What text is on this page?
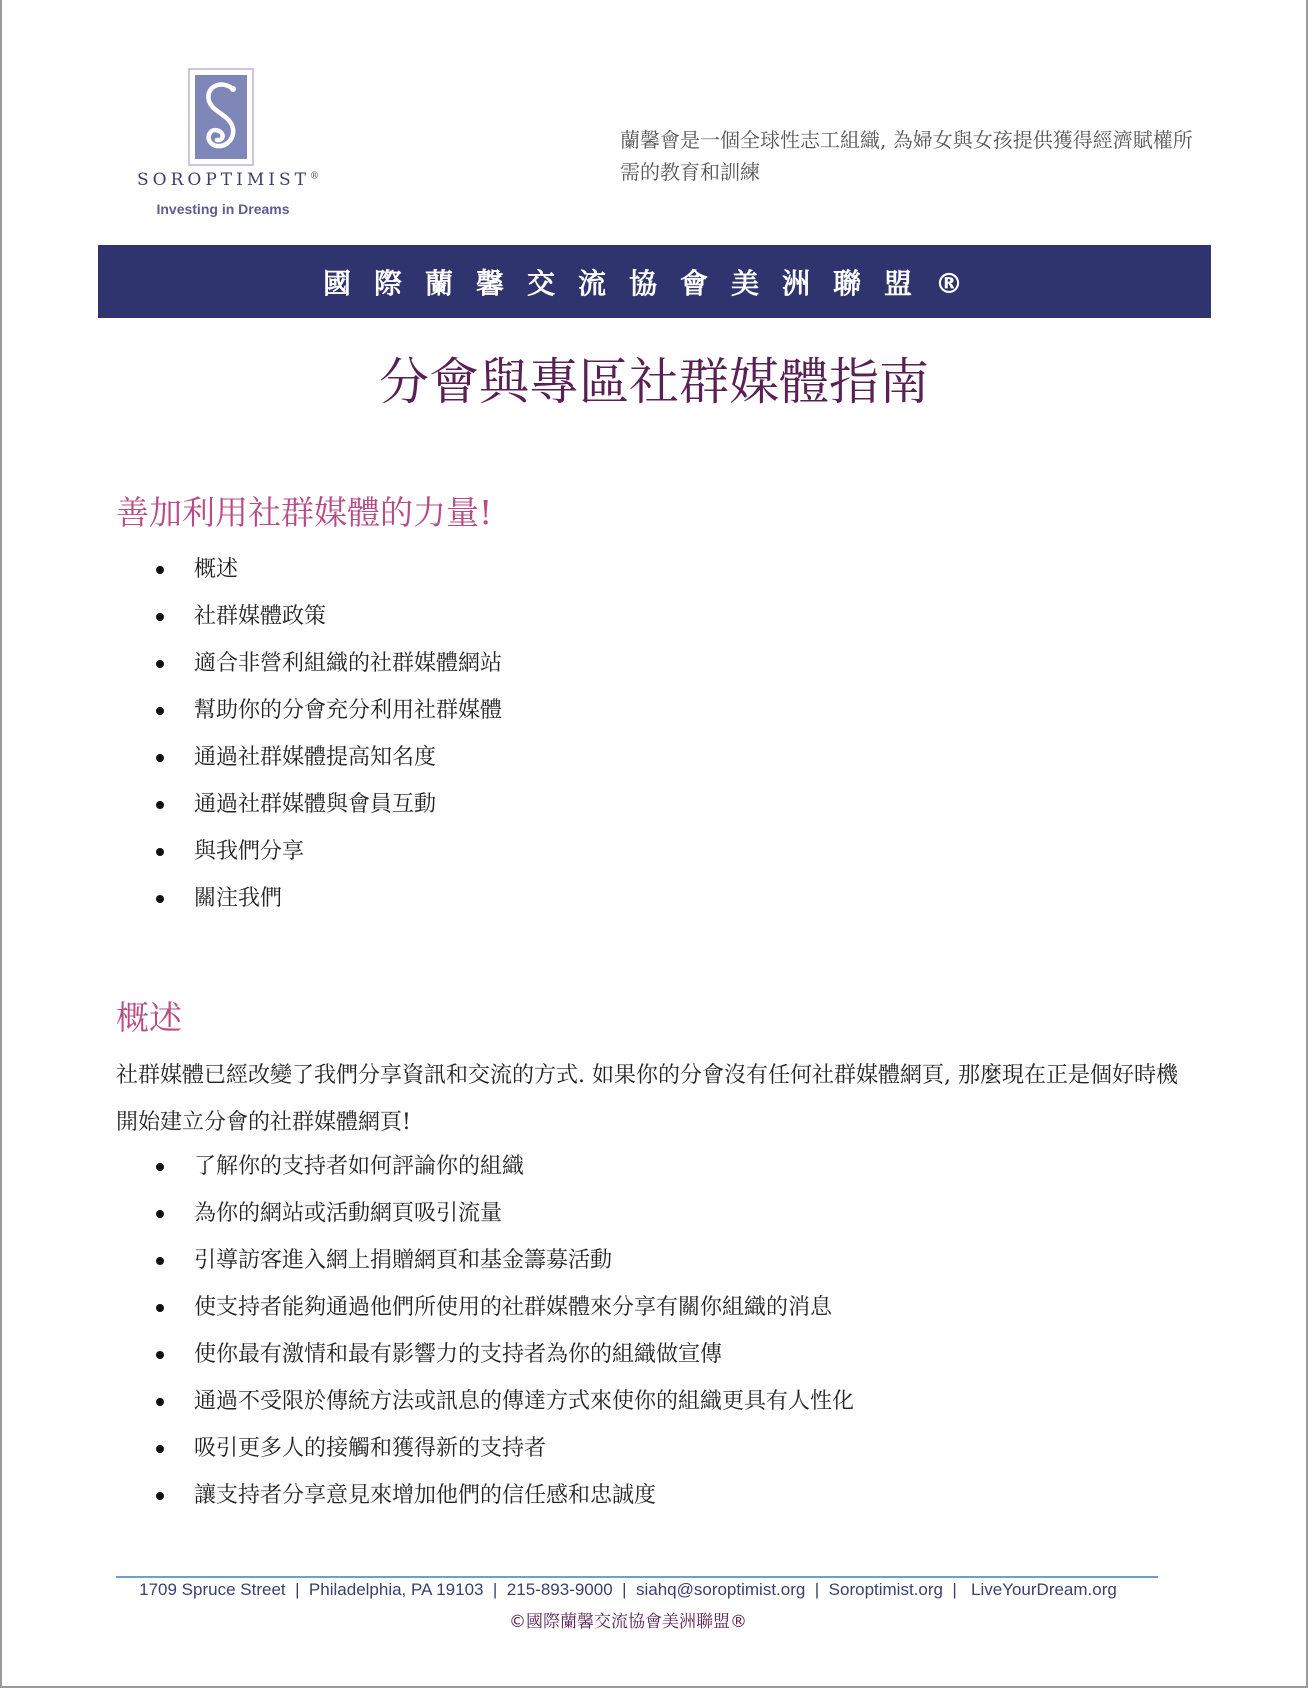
SOROPTIMIST®
Investing in Dreams
蘭馨會是一個全球性志工組織, 為婦女與女孩提供獲得經濟賦權所需的教育和訓練
國際蘭馨交流協會美洲聯盟®
分會與專區社群媒體指南
善加利用社群媒體的力量!
概述
社群媒體政策
適合非營利組織的社群媒體網站
幫助你的分會充分利用社群媒體
通過社群媒體提高知名度
通過社群媒體與會員互動
與我們分享
關注我們
概述
社群媒體已經改變了我們分享資訊和交流的方式. 如果你的分會沒有任何社群媒體網頁, 那麼現在正是個好時機開始建立分會的社群媒體網頁!
了解你的支持者如何評論你的組織
為你的網站或活動網頁吸引流量
引導訪客進入網上捐贈網頁和基金籌募活動
使支持者能夠通過他們所使用的社群媒體來分享有關你組織的消息
使你最有激情和最有影響力的支持者為你的組織做宣傳
通過不受限於傳統方法或訊息的傳達方式來使你的組織更具有人性化
吸引更多人的接觸和獲得新的支持者
讓支持者分享意見來增加他們的信任感和忠誠度
1709 Spruce Street  |  Philadelphia, PA 19103  |  215-893-9000  |  siahq@soroptimist.org  |  Soroptimist.org  |   LiveYourDream.org
©國際蘭馨交流協會美洲聯盟®
